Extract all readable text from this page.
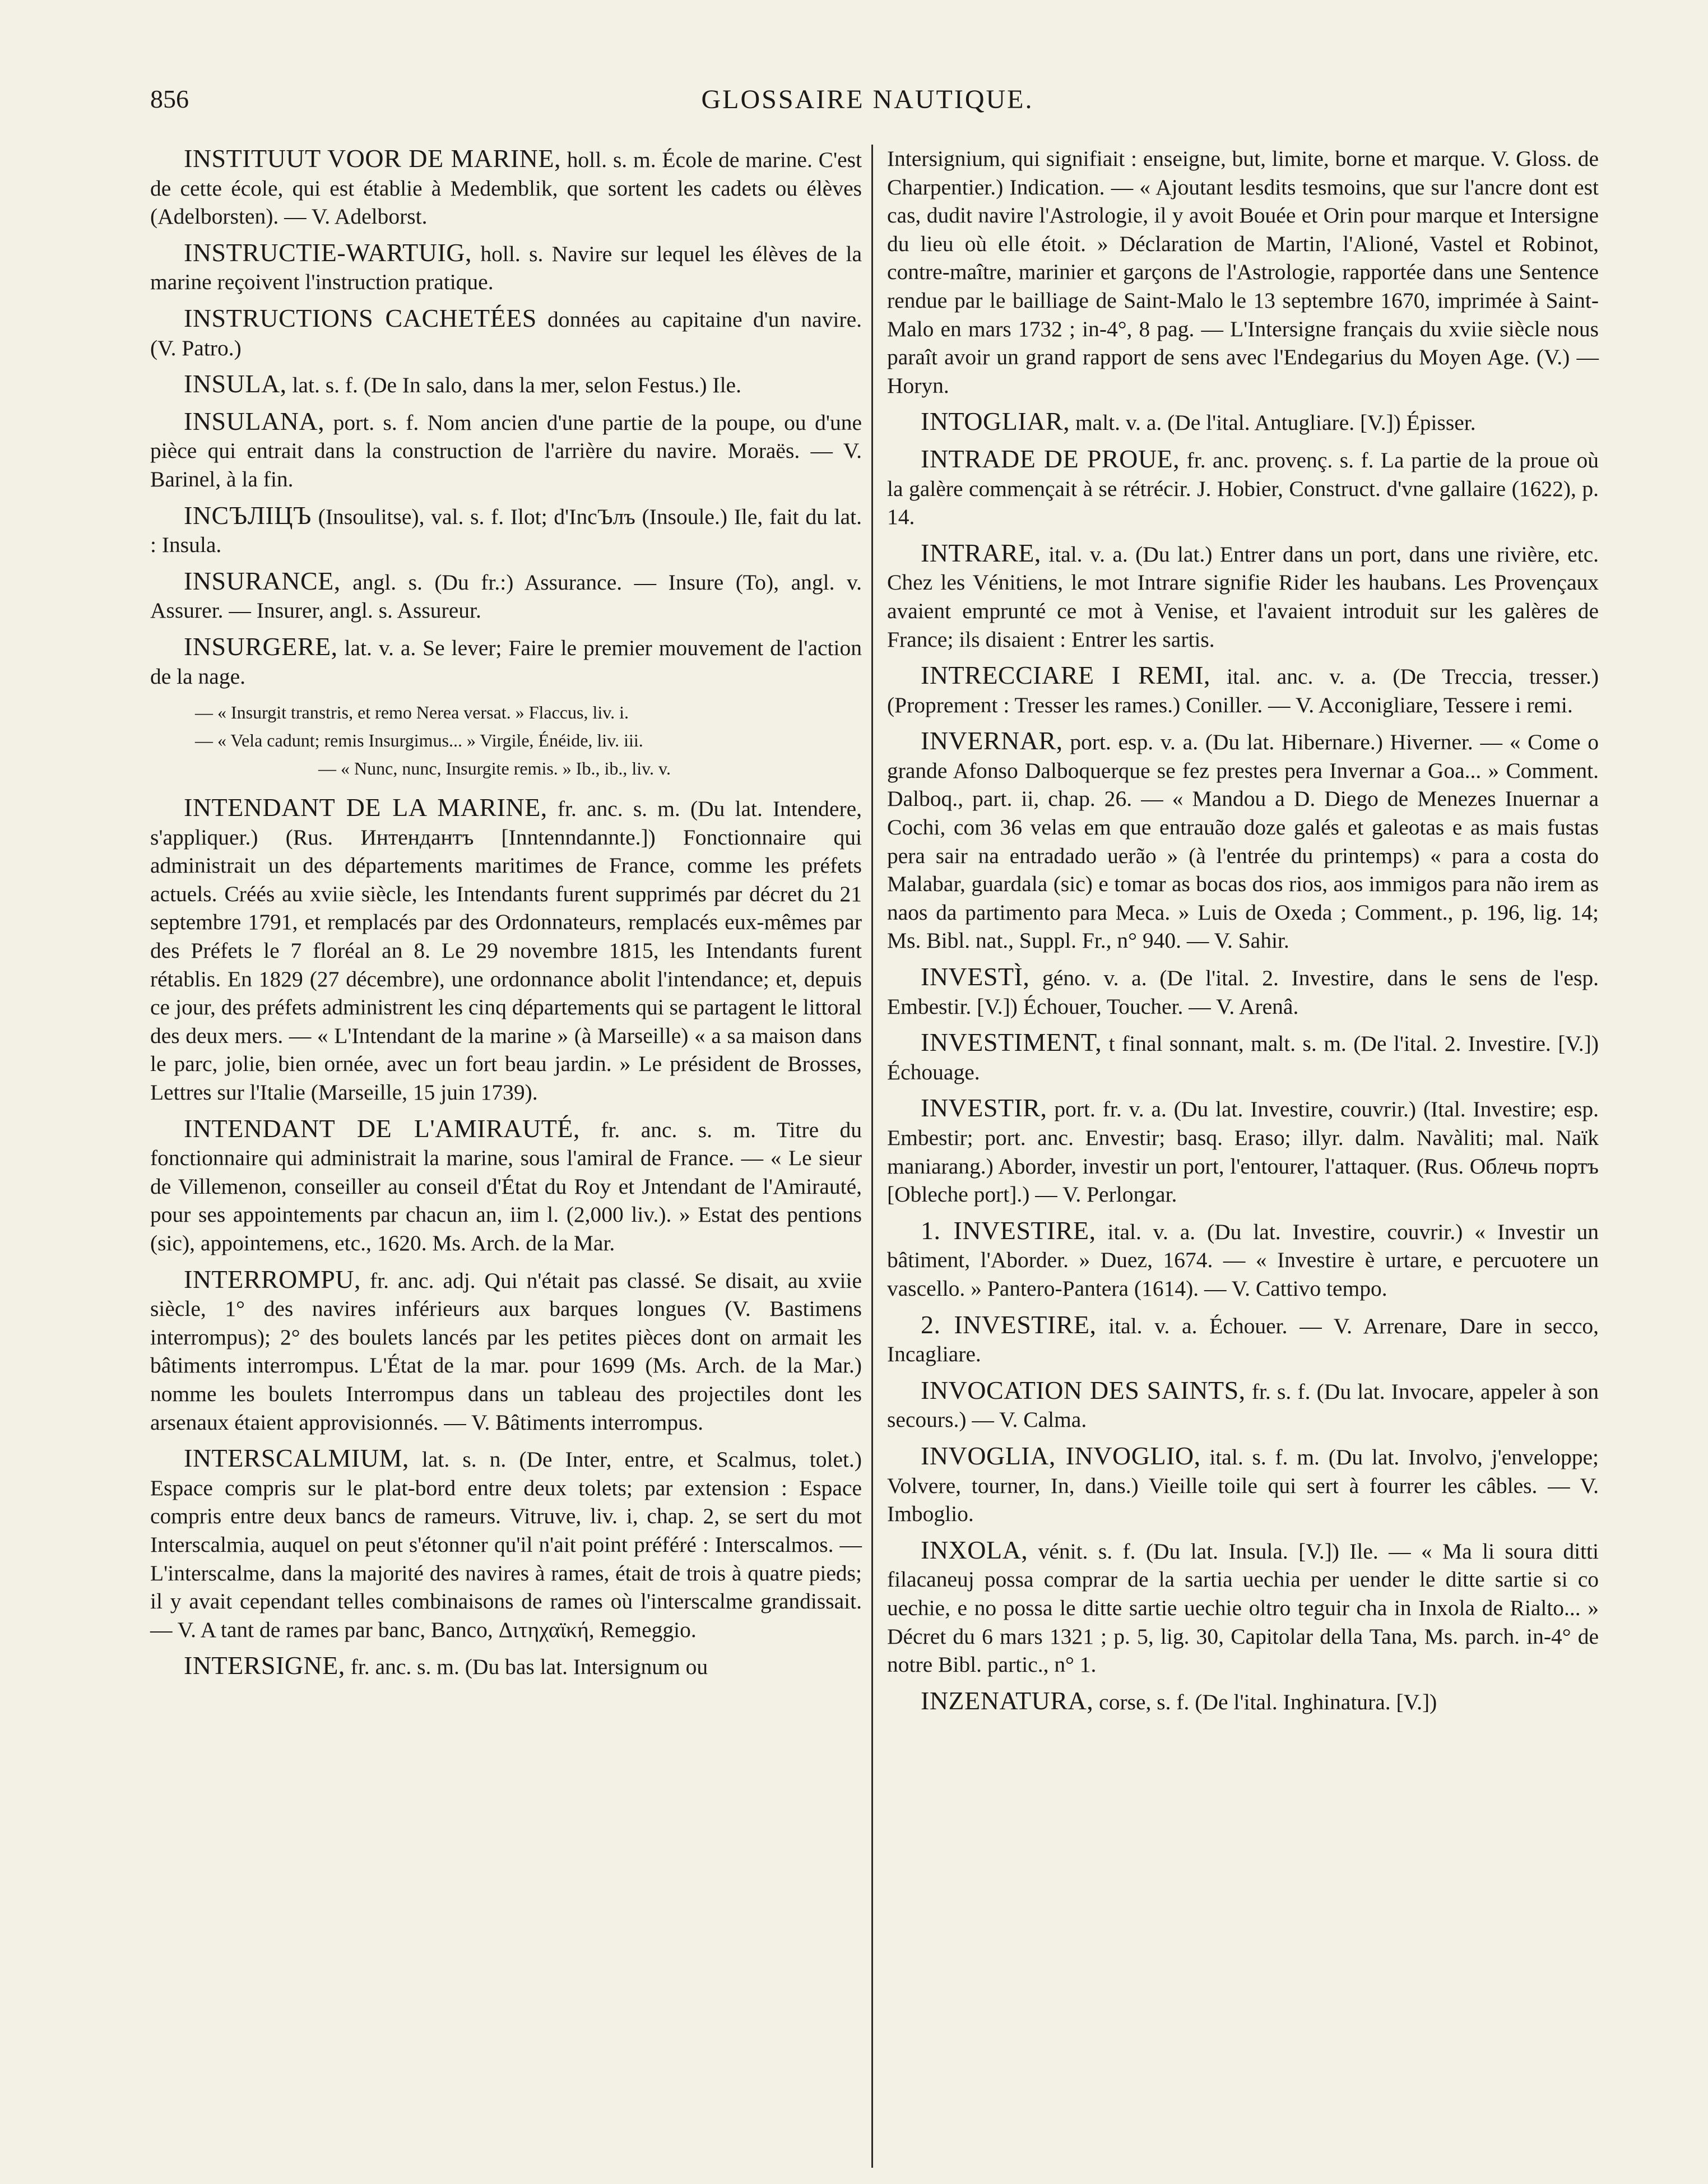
856	GLOSSAIRE NAUTIQUE.

INSTITUUT VOOR DE MARINE, holl. s. m. École de marine. C'est de cette école, qui est établie à Medemblik, que sortent les cadets ou élèves (Adelborsten). — V. Adelborst.

INSTRUCTIE-WARTUIG, holl. s. Navire sur lequel les élèves de la marine reçoivent l'instruction pratique.

INSTRUCTIONS CACHETÉES données au capitaine d'un navire. (V. Patro.)

INSULA, lat. s. f. (De In salo, dans la mer, selon Festus.) Ile.

INSULANA, port. s. f. Nom ancien d'une partie de la poupe, ou d'une pièce qui entrait dans la construction de l'arrière du navire. Moraës. — V. Barinel, à la fin.

INCЪЛІЦЪ (Insoulitse), val. s. f. Ilot; d'IncЪлъ (Insoule.) Ile, fait du lat. : Insula.

INSURANCE, angl. s. (Du fr.:) Assurance. — Insure (To), angl. v. Assurer. — Insurer, angl. s. Assureur.

INSURGERE, lat. v. a. Se lever; Faire le premier mouvement de l'action de la nage.

— « Insurgit transtris, et remo Nerea versat. » Flaccus, liv. i.
— « Vela cadunt; remis Insurgimus... » Virgile, Énéide, liv. iii.
— « Nunc, nunc, Insurgite remis. » Ib., ib., liv. v.

INTENDANT DE LA MARINE, fr. anc. s. m. (Du lat. Intendere, s'appliquer.) (Rus. Интендантъ [Inntenndannte.]) Fonctionnaire qui administrait un des départements maritimes de France, comme les préfets actuels. Créés au xviie siècle, les Intendants furent supprimés par décret du 21 septembre 1791, et remplacés par des Ordonnateurs, remplacés eux-mêmes par des Préfets le 7 floréal an 8. Le 29 novembre 1815, les Intendants furent rétablis. En 1829 (27 décembre), une ordonnance abolit l'intendance; et, depuis ce jour, des préfets administrent les cinq départements qui se partagent le littoral des deux mers. — « L'Intendant de la marine » (à Marseille) « a sa maison dans le parc, jolie, bien ornée, avec un fort beau jardin. » Le président de Brosses, Lettres sur l'Italie (Marseille, 15 juin 1739).

INTENDANT DE L'AMIRAUTÉ, fr. anc. s. m. Titre du fonctionnaire qui administrait la marine, sous l'amiral de France. — « Le sieur de Villemenon, conseiller au conseil d'État du Roy et Jntendant de l'Amirauté, pour ses appointements par chacun an, iim l. (2,000 liv.). » Estat des pentions (sic), appointemens, etc., 1620. Ms. Arch. de la Mar.

INTERROMPU, fr. anc. adj. Qui n'était pas classé. Se disait, au xviie siècle, 1° des navires inférieurs aux barques longues (V. Bastimens interrompus); 2° des boulets lancés par les petites pièces dont on armait les bâtiments interrompus. L'État de la mar. pour 1699 (Ms. Arch. de la Mar.) nomme les boulets Interrompus dans un tableau des projectiles dont les arsenaux étaient approvisionnés. — V. Bâtiments interrompus.

INTERSCALMIUM, lat. s. n. (De Inter, entre, et Scalmus, tolet.) Espace compris sur le plat-bord entre deux tolets; par extension : Espace compris entre deux bancs de rameurs. Vitruve, liv. i, chap. 2, se sert du mot Interscalmia, auquel on peut s'étonner qu'il n'ait point préféré : Interscalmos. — L'interscalme, dans la majorité des navires à rames, était de trois à quatre pieds; il y avait cependant telles combinaisons de rames où l'interscalme grandissait. — V. A tant de rames par banc, Banco, Διτηχαϊκή, Remeggio.

INTERSIGNE, fr. anc. s. m. (Du bas lat. Intersignum ou

Intersignium, qui signifiait : enseigne, but, limite, borne et marque. V. Gloss. de Charpentier.) Indication. — « Ajoutant lesdits tesmoins, que sur l'ancre dont est cas, dudit navire l'Astrologie, il y avoit Bouée et Orin pour marque et Intersigne du lieu où elle étoit. » Déclaration de Martin, l'Alioné, Vastel et Robinot, contre-maître, marinier et garçons de l'Astrologie, rapportée dans une Sentence rendue par le bailliage de Saint-Malo le 13 septembre 1670, imprimée à Saint-Malo en mars 1732 ; in-4°, 8 pag. — L'Intersigne français du xviie siècle nous paraît avoir un grand rapport de sens avec l'Endegarius du Moyen Age. (V.) — Horyn.

INTOGLIAR, malt. v. a. (De l'ital. Antugliare. [V.]) Épisser.

INTRADE DE PROUE, fr. anc. provenç. s. f. La partie de la proue où la galère commençait à se rétrécir. J. Hobier, Construct. d'vne gallaire (1622), p. 14.

INTRARE, ital. v. a. (Du lat.) Entrer dans un port, dans une rivière, etc. Chez les Vénitiens, le mot Intrare signifie Rider les haubans. Les Provençaux avaient emprunté ce mot à Venise, et l'avaient introduit sur les galères de France; ils disaient : Entrer les sartis.

INTRECCIARE I REMI, ital. anc. v. a. (De Treccia, tresser.) (Proprement : Tresser les rames.) Coniller. — V. Acconigliare, Tessere i remi.

INVERNAR, port. esp. v. a. (Du lat. Hibernare.) Hiverner. — « Come o grande Afonso Dalboquerque se fez prestes pera Invernar a Goa... » Comment. Dalboq., part. ii, chap. 26. — « Mandou a D. Diego de Menezes Inuernar a Cochi, com 36 velas em que entrauão doze galés et galeotas e as mais fustas pera sair na entradado uerão » (à l'entrée du printemps) « para a costa do Malabar, guardala (sic) e tomar as bocas dos rios, aos immigos para não irem as naos da partimento para Meca. » Luis de Oxeda ; Comment., p. 196, lig. 14; Ms. Bibl. nat., Suppl. Fr., n° 940. — V. Sahir.

INVESTÌ, géno. v. a. (De l'ital. 2. Investire, dans le sens de l'esp. Embestir. [V.]) Échouer, Toucher. — V. Arenâ.

INVESTIMENT, t final sonnant, malt. s. m. (De l'ital. 2. Investire. [V.]) Échouage.

INVESTIR, port. fr. v. a. (Du lat. Investire, couvrir.) (Ital. Investire; esp. Embestir; port. anc. Envestir; basq. Eraso; illyr. dalm. Navàliti; mal. Naïk maniarang.) Aborder, investir un port, l'entourer, l'attaquer. (Rus. Облечь портъ [Obleche port].) — V. Perlongar.

1. INVESTIRE, ital. v. a. (Du lat. Investire, couvrir.) « Investir un bâtiment, l'Aborder. » Duez, 1674. — « Investire è urtare, e percuotere un vascello. » Pantero-Pantera (1614). — V. Cattivo tempo.

2. INVESTIRE, ital. v. a. Échouer. — V. Arrenare, Dare in secco, Incagliare.

INVOCATION DES SAINTS, fr. s. f. (Du lat. Invocare, appeler à son secours.) — V. Calma.

INVOGLIA, INVOGLIO, ital. s. f. m. (Du lat. Involvo, j'enveloppe; Volvere, tourner, In, dans.) Vieille toile qui sert à fourrer les câbles. — V. Imboglio.

INXOLA, vénit. s. f. (Du lat. Insula. [V.]) Ile. — « Ma li soura ditti filacaneuj possa comprar de la sartia uechia per uender le ditte sartie si co uechie, e no possa le ditte sartie uechie oltro teguir cha in Inxola de Rialto... » Décret du 6 mars 1321 ; p. 5, lig. 30, Capitolar della Tana, Ms. parch. in-4° de notre Bibl. partic., n° 1.

INZENATURA, corse, s. f. (De l'ital. Inghinatura. [V.])
